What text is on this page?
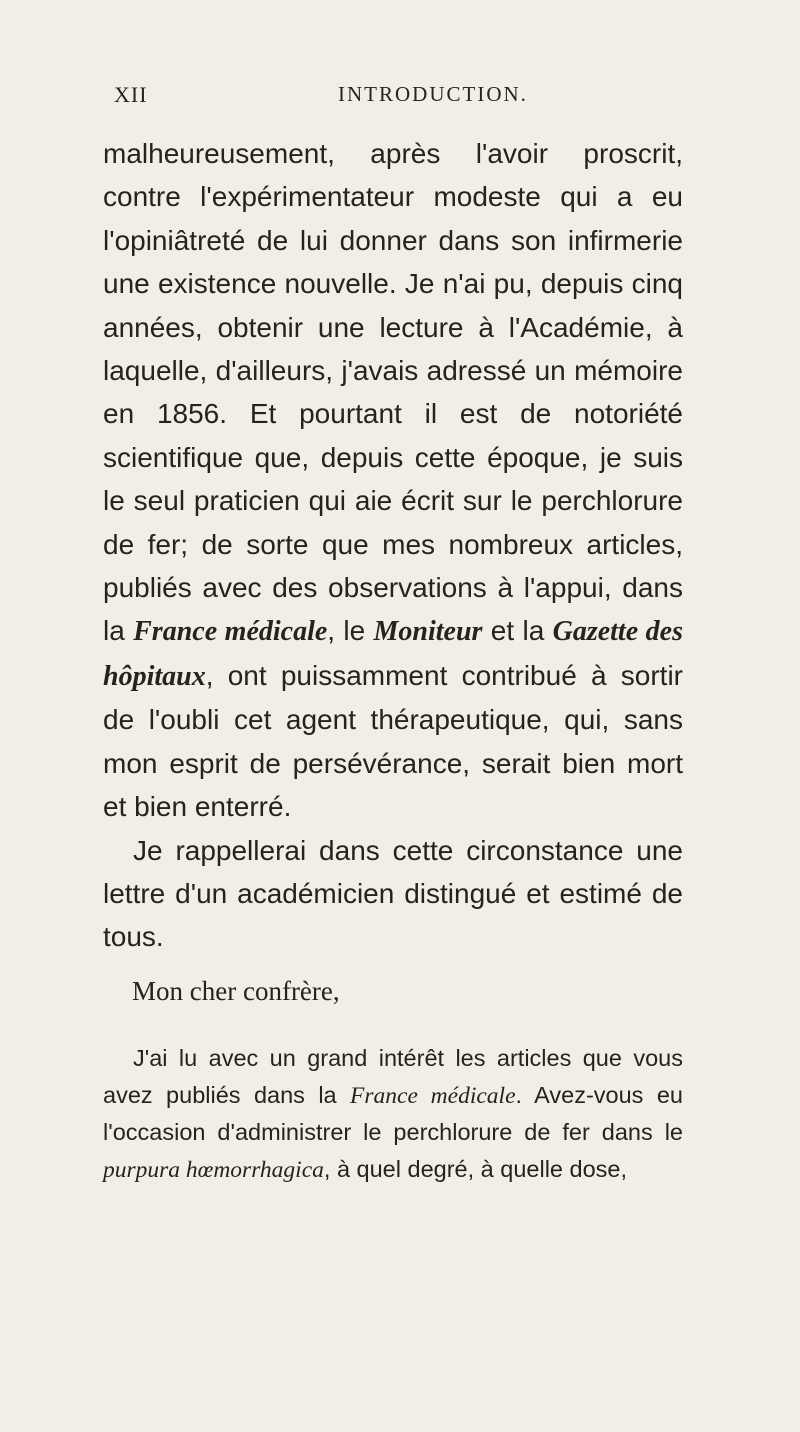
XII	INTRODUCTION.

malheureusement, après l'avoir proscrit, contre l'expérimentateur modeste qui a eu l'opiniâtreté de lui donner dans son infirmerie une existence nouvelle. Je n'ai pu, depuis cinq années, obtenir une lecture à l'Académie, à laquelle, d'ailleurs, j'avais adressé un mémoire en 1856. Et pourtant il est de notoriété scientifique que, depuis cette époque, je suis le seul praticien qui aie écrit sur le perchlorure de fer; de sorte que mes nombreux articles, publiés avec des observations à l'appui, dans la France médicale, le Moniteur et la Gazette des hôpitaux, ont puissamment contribué à sortir de l'oubli cet agent thérapeutique, qui, sans mon esprit de persévérance, serait bien mort et bien enterré.

Je rappellerai dans cette circonstance une lettre d'un académicien distingué et estimé de tous.

Mon cher confrère,

J'ai lu avec un grand intérêt les articles que vous avez publiés dans la France médicale. Avez-vous eu l'occasion d'administrer le perchlorure de fer dans le purpura hœmorrhagica, à quel degré, à quelle dose,
